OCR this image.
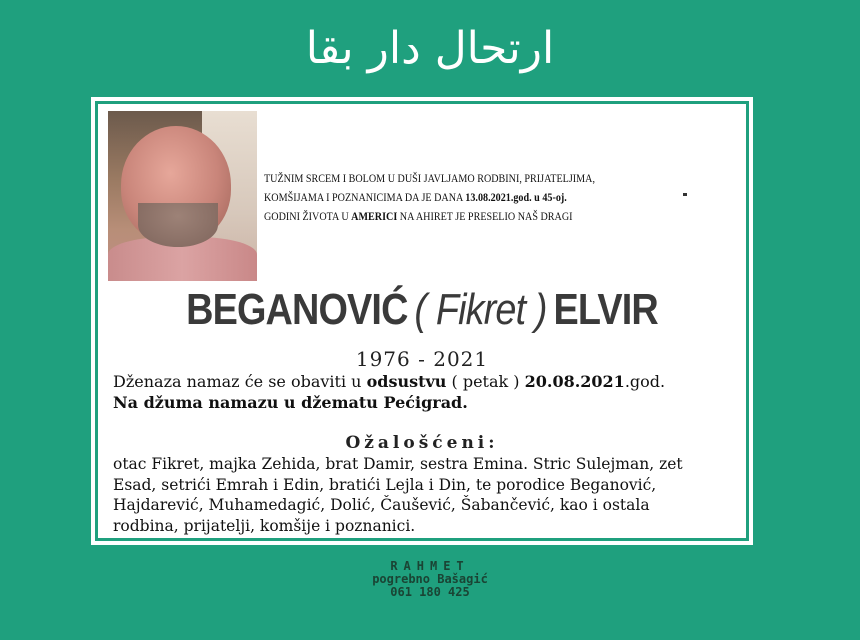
ارتحال دار بقا
TUŽNIM SRCEM I BOLOM U DUŠI JAVLJAMO RODBINI, PRIJATELJIMA,
KOMŠIJAMA I POZNANICIMA DA JE DANA 13.08.2021.god. u 45-oj.
GODINI ŽIVOTA U AMERICI NA AHIRET JE PRESELIO NAŠ DRAGI
BEGANOVIĆ ( Fikret ) ELVIR
1976 - 2021
Dženaza namaz će se obaviti u odsustvu ( petak ) 20.08.2021.god.
Na džuma namazu u džematu Pećigrad.
Ožalošćeni:
otac Fikret, majka Zehida, brat Damir, sestra Emina. Stric Sulejman, zet
Esad, setrići Emrah i Edin, bratići Lejla i Din, te porodice Beganović,
Hajdarević, Muhamedagić, Dolić, Čaušević, Šabančević, kao i ostala
rodbina, prijatelji, komšije i poznanici.
RAHMET
pogrebno Bašagić
061 180 425
